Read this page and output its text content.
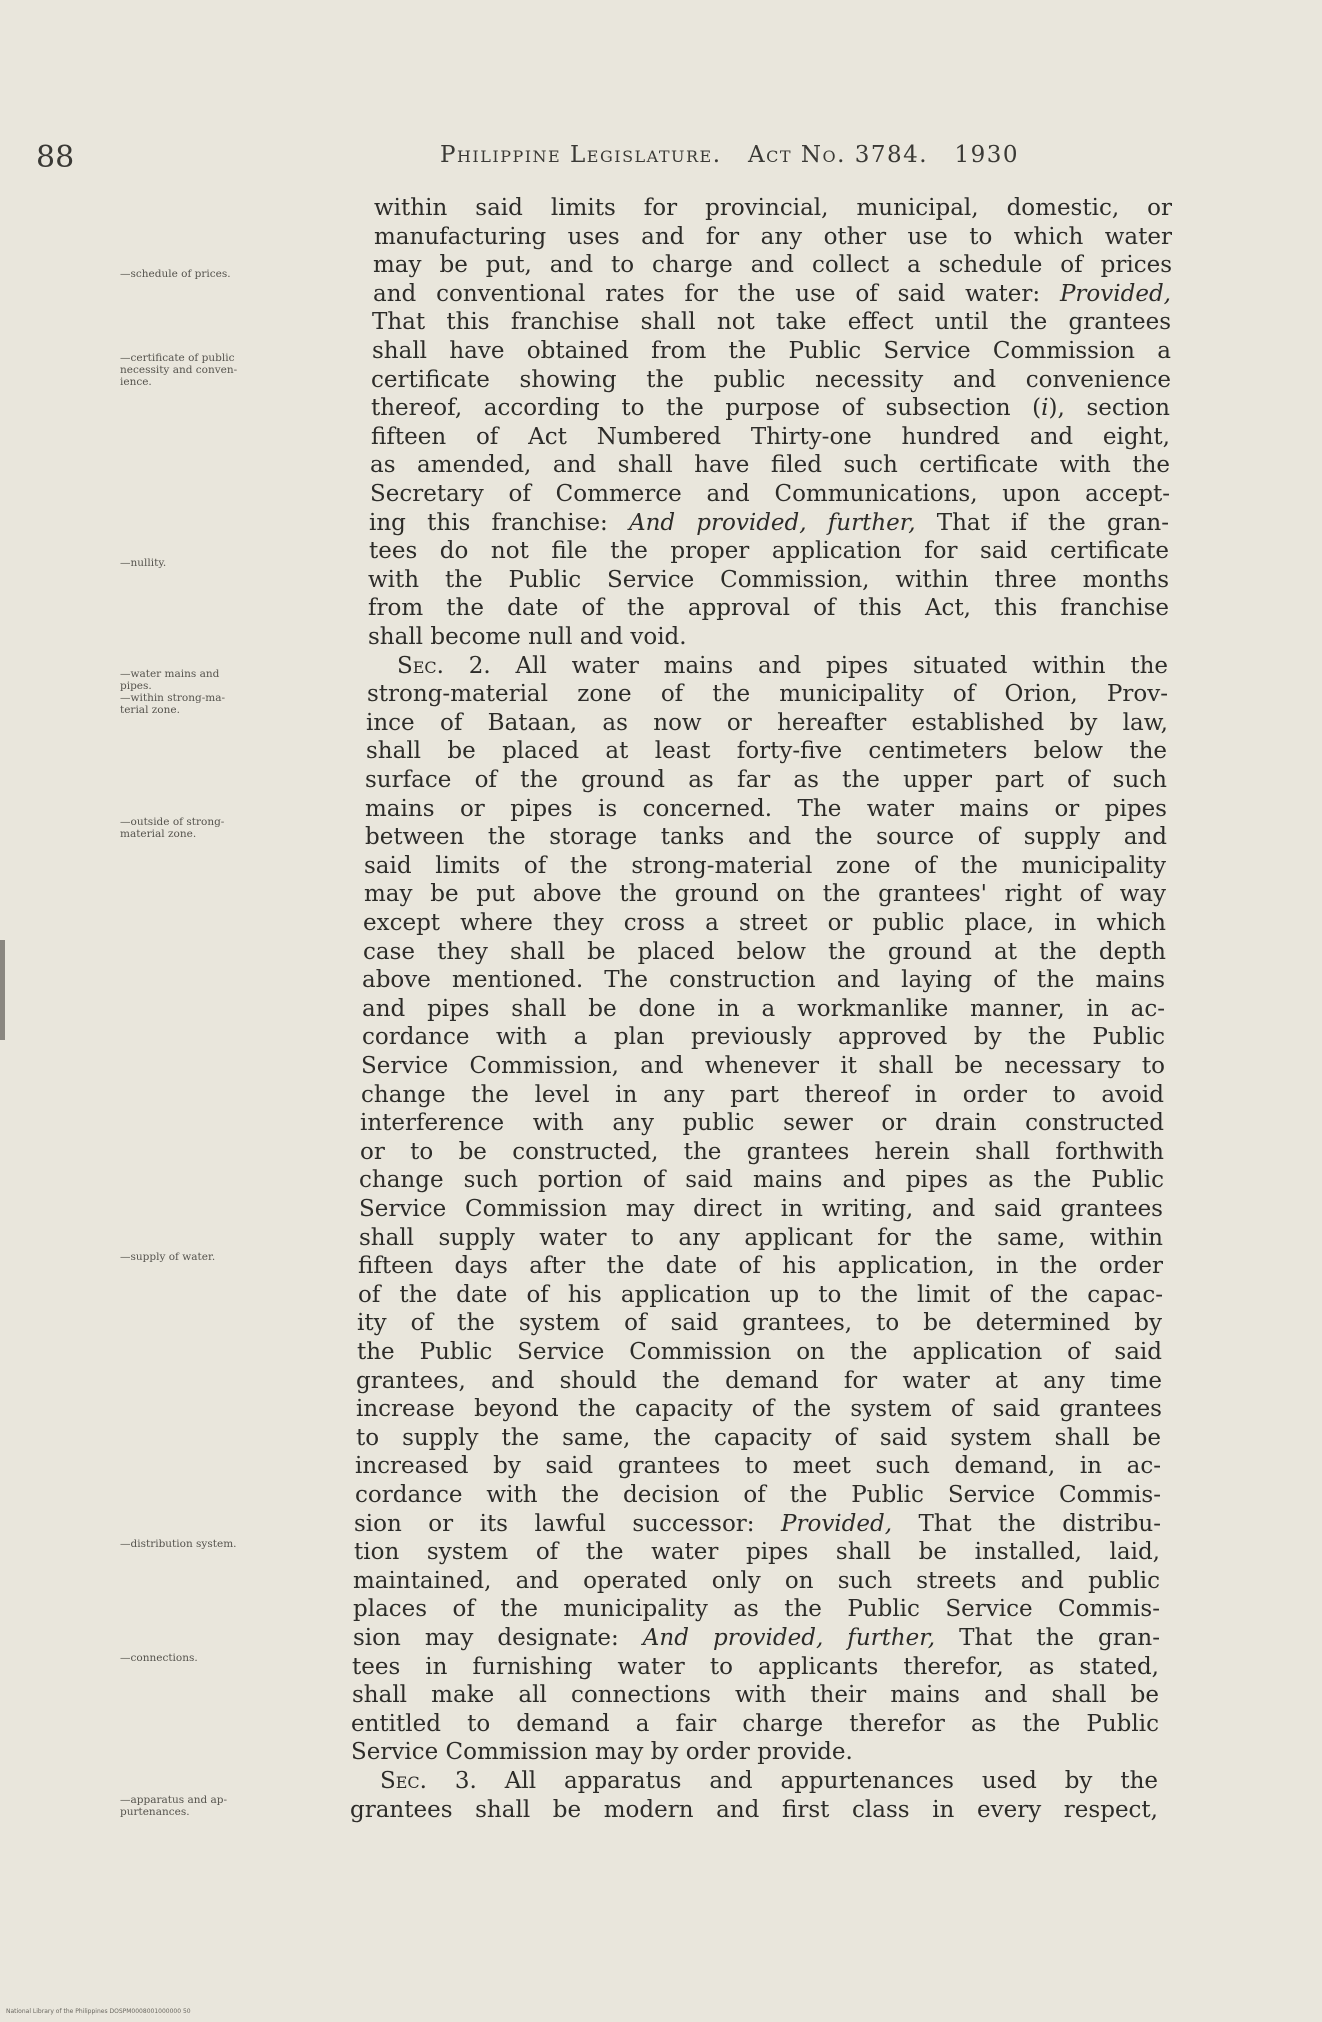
88	Philippine Legislature. Act No. 3784. 1930
—schedule of prices.
—certificate of public
necessity and conven-
ience.
—nullity.
—water mains and
pipes.
—within strong-ma-
terial zone.
—outside of strong-
material zone.
—supply of water.
—distribution system.
—connections.
—apparatus and ap-
purtenances.
within said limits for provincial, municipal, domestic, or
manufacturing uses and for any other use to which water
may be put, and to charge and collect a schedule of prices
and conventional rates for the use of said water: Provided,
That this franchise shall not take effect until the grantees
shall have obtained from the Public Service Commission a
certificate showing the public necessity and convenience
thereof, according to the purpose of subsection (i), section
fifteen of Act Numbered Thirty-one hundred and eight,
as amended, and shall have filed such certificate with the
Secretary of Commerce and Communications, upon accept-
ing this franchise: And provided, further, That if the gran-
tees do not file the proper application for said certificate
with the Public Service Commission, within three months
from the date of the approval of this Act, this franchise
shall become null and void.
Sec. 2. All water mains and pipes situated within the
strong-material zone of the municipality of Orion, Prov-
ince of Bataan, as now or hereafter established by law,
shall be placed at least forty-five centimeters below the
surface of the ground as far as the upper part of such
mains or pipes is concerned. The water mains or pipes
between the storage tanks and the source of supply and
said limits of the strong-material zone of the municipality
may be put above the ground on the grantees' right of way
except where they cross a street or public place, in which
case they shall be placed below the ground at the depth
above mentioned. The construction and laying of the mains
and pipes shall be done in a workmanlike manner, in ac-
cordance with a plan previously approved by the Public
Service Commission, and whenever it shall be necessary to
change the level in any part thereof in order to avoid
interference with any public sewer or drain constructed
or to be constructed, the grantees herein shall forthwith
change such portion of said mains and pipes as the Public
Service Commission may direct in writing, and said grantees
shall supply water to any applicant for the same, within
fifteen days after the date of his application, in the order
of the date of his application up to the limit of the capac-
ity of the system of said grantees, to be determined by
the Public Service Commission on the application of said
grantees, and should the demand for water at any time
increase beyond the capacity of the system of said grantees
to supply the same, the capacity of said system shall be
increased by said grantees to meet such demand, in ac-
cordance with the decision of the Public Service Commis-
sion or its lawful successor: Provided, That the distribu-
tion system of the water pipes shall be installed, laid,
maintained, and operated only on such streets and public
places of the municipality as the Public Service Commis-
sion may designate: And provided, further, That the gran-
tees in furnishing water to applicants therefor, as stated,
shall make all connections with their mains and shall be
entitled to demand a fair charge therefor as the Public
Service Commission may by order provide.
Sec. 3. All apparatus and appurtenances used by the
grantees shall be modern and first class in every respect,
National Library of the Philippines DOSPM0008001000000 50
